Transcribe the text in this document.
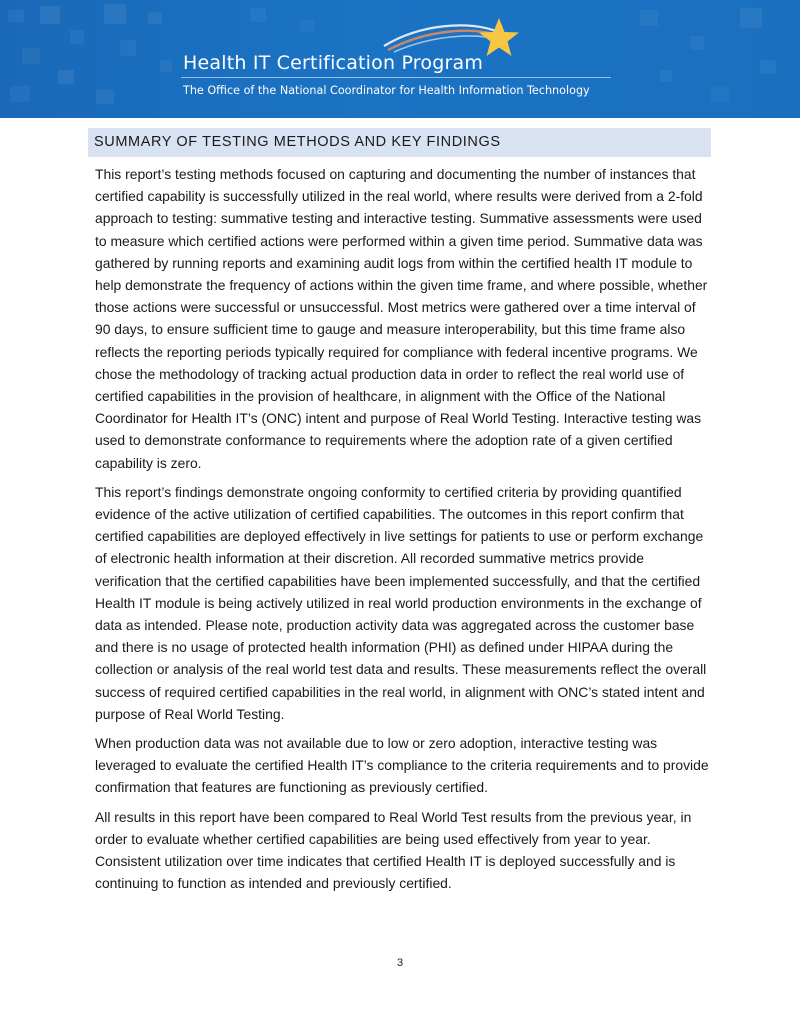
Health IT Certification Program
The Office of the National Coordinator for Health Information Technology
SUMMARY OF TESTING METHODS AND KEY FINDINGS

This report’s testing methods focused on capturing and documenting the number of instances that certified capability is successfully utilized in the real world, where results were derived from a 2-fold approach to testing: summative testing and interactive testing. Summative assessments were used to measure which certified actions were performed within a given time period. Summative data was gathered by running reports and examining audit logs from within the certified health IT module to help demonstrate the frequency of actions within the given time frame, and where possible, whether those actions were successful or unsuccessful. Most metrics were gathered over a time interval of 90 days, to ensure sufficient time to gauge and measure interoperability, but this time frame also reflects the reporting periods typically required for compliance with federal incentive programs. We chose the methodology of tracking actual production data in order to reflect the real world use of certified capabilities in the provision of healthcare, in alignment with the Office of the National Coordinator for Health IT’s (ONC) intent and purpose of Real World Testing. Interactive testing was used to demonstrate conformance to requirements where the adoption rate of a given certified capability is zero.

This report’s findings demonstrate ongoing conformity to certified criteria by providing quantified evidence of the active utilization of certified capabilities. The outcomes in this report confirm that certified capabilities are deployed effectively in live settings for patients to use or perform exchange of electronic health information at their discretion. All recorded summative metrics provide verification that the certified capabilities have been implemented successfully, and that the certified Health IT module is being actively utilized in real world production environments in the exchange of data as intended. Please note, production activity data was aggregated across the customer base and there is no usage of protected health information (PHI) as defined under HIPAA during the collection or analysis of the real world test data and results. These measurements reflect the overall success of required certified capabilities in the real world, in alignment with ONC’s stated intent and purpose of Real World Testing.

When production data was not available due to low or zero adoption, interactive testing was leveraged to evaluate the certified Health IT’s compliance to the criteria requirements and to provide confirmation that features are functioning as previously certified.

All results in this report have been compared to Real World Test results from the previous year, in order to evaluate whether certified capabilities are being used effectively from year to year. Consistent utilization over time indicates that certified Health IT is deployed successfully and is continuing to function as intended and previously certified.

3
